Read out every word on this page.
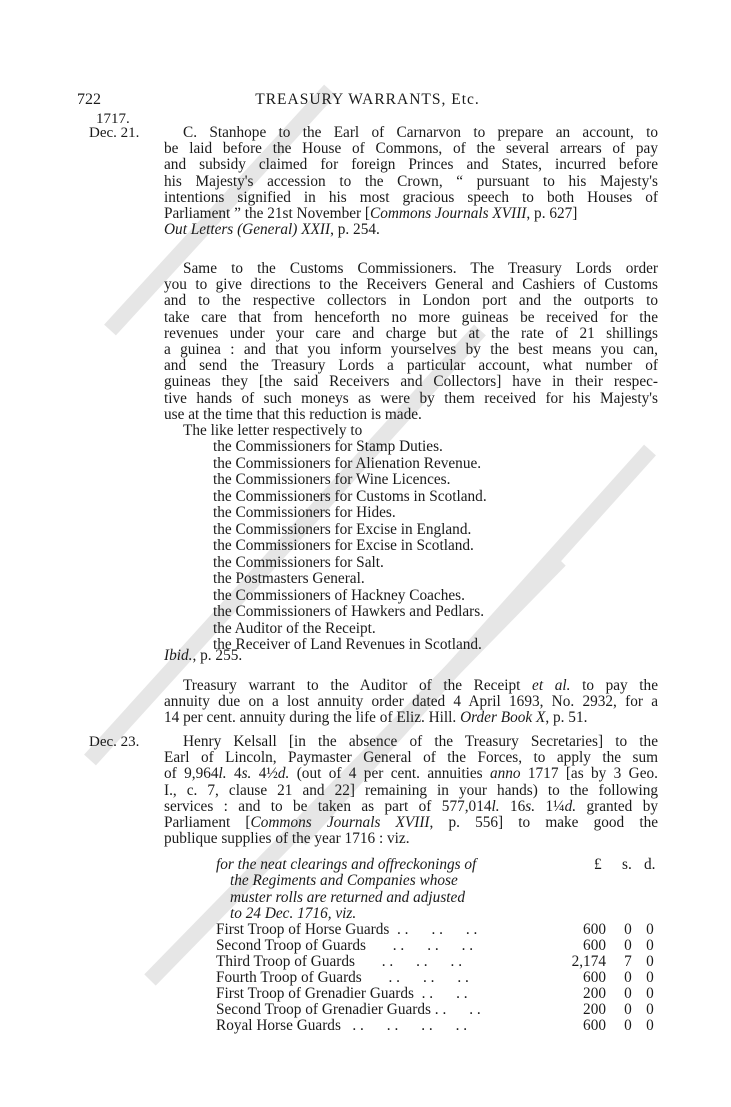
722	TREASURY WARRANTS, Etc.
1717.
Dec. 21.	C. Stanhope to the Earl of Carnarvon to prepare an account, to
be laid before the House of Commons, of the several arrears of pay
and subsidy claimed for foreign Princes and States, incurred before
his Majesty's accession to the Crown, “ pursuant to his Majesty's
intentions signified in his most gracious speech to both Houses of
Parliament ” the 21st November [Commons Journals XVIII, p. 627]
Out Letters (General) XXII, p. 254.
Same to the Customs Commissioners. The Treasury Lords order
you to give directions to the Receivers General and Cashiers of Customs
and to the respective collectors in London port and the outports to
take care that from henceforth no more guineas be received for the
revenues under your care and charge but at the rate of 21 shillings
a guinea : and that you inform yourselves by the best means you can,
and send the Treasury Lords a particular account, what number of
guineas they [the said Receivers and Collectors] have in their respec-
tive hands of such moneys as were by them received for his Majesty's
use at the time that this reduction is made.
The like letter respectively to
the Commissioners for Stamp Duties.
the Commissioners for Alienation Revenue.
the Commissioners for Wine Licences.
the Commissioners for Customs in Scotland.
the Commissioners for Hides.
the Commissioners for Excise in England.
the Commissioners for Excise in Scotland.
the Commissioners for Salt.
the Postmasters General.
the Commissioners of Hackney Coaches.
the Commissioners of Hawkers and Pedlars.
the Auditor of the Receipt.
the Receiver of Land Revenues in Scotland.
Ibid., p. 255.
Treasury warrant to the Auditor of the Receipt et al. to pay the
annuity due on a lost annuity order dated 4 April 1693, No. 2932, for a
14 per cent. annuity during the life of Eliz. Hill. Order Book X, p. 51.
Dec. 23.	Henry Kelsall [in the absence of the Treasury Secretaries] to the
Earl of Lincoln, Paymaster General of the Forces, to apply the sum
of 9,964l. 4s. 4½d. (out of 4 per cent. annuities anno 1717 [as by 3 Geo.
I., c. 7, clause 21 and 22] remaining in your hands) to the following
services : and to be taken as part of 577,014l. 16s. 1¼d. granted by
Parliament [Commons Journals XVIII, p. 556] to make good the
publique supplies of the year 1716 : viz.
for the neat clearings and offreckonings of
the Regiments and Companies whose
muster rolls are returned and adjusted
to 24 Dec. 1716, viz.
£ s. d.
First Troop of Horse Guards  . .      . .      . .	600 0 0
Second Troop of Guards       . .      . .      . .	600 0 0
Third Troop of Guards       . .      . .      . .	2,174 7 0
Fourth Troop of Guards       . .      . .      . .	600 0 0
First Troop of Grenadier Guards  . .      . .	200 0 0
Second Troop of Grenadier Guards . .      . .	200 0 0
Royal Horse Guards   . .      . .      . .      . .	600 0 0
